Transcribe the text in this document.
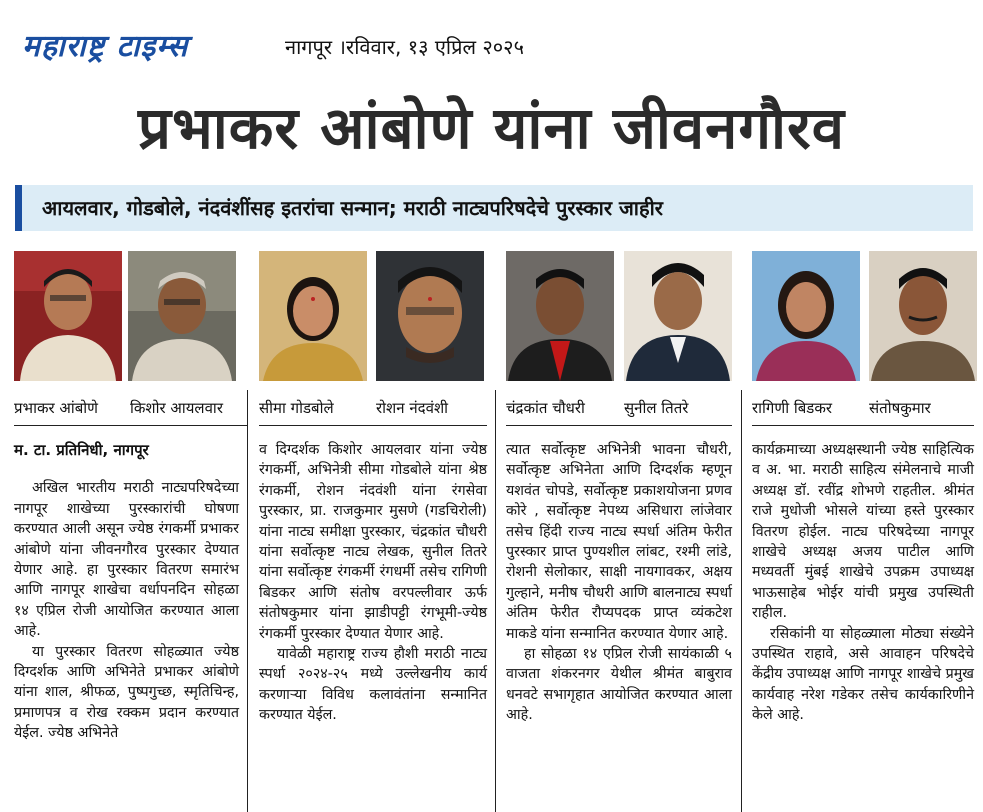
महाराष्ट्र टाइम्स	नागपूर ।रविवार, १३ एप्रिल २०२५
प्रभाकर आंबोणे यांना जीवनगौरव
आयलवार, गोडबोले, नंदवंशींसह इतरांचा सन्मान; मराठी नाट्यपरिषदेचे पुरस्कार जाहीर
प्रभाकर आंबोणे किशोर आयलवार सीमा गोडबोले	रोशन नंदवंशी	चंद्रकांत चौधरी	सुनील तितरे	रागिणी बिडकर संतोषकुमार
म. टा. प्रतिनिधी, नागपूर

अखिल भारतीय मराठी नाट्यपरिषदेच्या नागपूर शाखेच्या पुरस्कारांची घोषणा करण्यात आली असून ज्येष्ठ रंगकर्मी प्रभाकर आंबोणे यांना जीवनगौरव पुरस्कार देण्यात येणार आहे. हा पुरस्कार वितरण समारंभ आणि नागपूर शाखेचा वर्धापनदिन सोहळा १४ एप्रिल रोजी आयोजित करण्यात आला आहे.

या पुरस्कार वितरण सोहळ्यात ज्येष्ठ दिग्दर्शक आणि अभिनेते प्रभाकर आंबोणे यांना शाल, श्रीफळ, पुष्पगुच्छ, स्मृतिचिन्ह, प्रमाणपत्र व रोख रक्कम प्रदान करण्यात येईल. ज्येष्ठ अभिनेते

व दिग्दर्शक किशोर आयलवार यांना ज्येष्ठ रंगकर्मी, अभिनेत्री सीमा गोडबोले यांना श्रेष्ठ रंगकर्मी, रोशन नंदवंशी यांना रंगसेवा पुरस्कार, प्रा. राजकुमार मुसणे (गडचिरोली) यांना नाट्य समीक्षा पुरस्कार, चंद्रकांत चौधरी यांना सर्वोत्कृष्ट नाट्य लेखक, सुनील तितरे यांना सर्वोत्कृष्ट रंगकर्मी रंगधर्मी तसेच रागिणी बिडकर आणि संतोष वरपल्लीवार ऊर्फ संतोषकुमार यांना झाडीपट्टी रंगभूमी-ज्येष्ठ रंगकर्मी पुरस्कार देण्यात येणार आहे.

यावेळी महाराष्ट्र राज्य हौशी मराठी नाट्य स्पर्धा २०२४-२५ मध्ये उल्लेखनीय कार्य करणाऱ्या विविध कलावंतांना सन्मानित करण्यात येईल.

त्यात सर्वोत्कृष्ट अभिनेत्री भावना चौधरी, सर्वोत्कृष्ट अभिनेता आणि दिग्दर्शक म्हणून यशवंत चोपडे, सर्वोत्कृष्ट प्रकाशयोजना प्रणव कोरे , सर्वोत्कृष्ट नेपथ्य असिधारा लांजेवार तसेच हिंदी राज्य नाट्य स्पर्धा अंतिम फेरीत पुरस्कार प्राप्त पुण्यशील लांबट, रश्मी लांडे, रोशनी सेलोकार, साक्षी नायगावकर, अक्षय गुल्हाने, मनीष चौधरी आणि बालनाट्य स्पर्धा अंतिम फेरीत रौप्यपदक प्राप्त व्यंकटेश माकडे यांना सन्मानित करण्यात येणार आहे.

हा सोहळा १४ एप्रिल रोजी सायंकाळी ५ वाजता शंकरनगर येथील श्रीमंत बाबुराव धनवटे सभागृहात आयोजित करण्यात आला आहे.

कार्यक्रमाच्या अध्यक्षस्थानी ज्येष्ठ साहित्यिक व अ. भा. मराठी साहित्य संमेलनाचे माजी अध्यक्ष डॉ. रवींद्र शोभणे राहतील. श्रीमंत राजे मुधोजी भोसले यांच्या हस्ते पुरस्कार वितरण होईल. नाट्य परिषदेच्या नागपूर शाखेचे अध्यक्ष अजय पाटील आणि मध्यवर्ती मुंबई शाखेचे उपक्रम उपाध्यक्ष भाऊसाहेब भोईर यांची प्रमुख उपस्थिती राहील.

रसिकांनी या सोहळ्याला मोठ्या संख्येने उपस्थित राहावे, असे आवाहन परिषदेचे केंद्रीय उपाध्यक्ष आणि नागपूर शाखेचे प्रमुख कार्यवाह नरेश गडेकर तसेच कार्यकारिणीने केले आहे.
